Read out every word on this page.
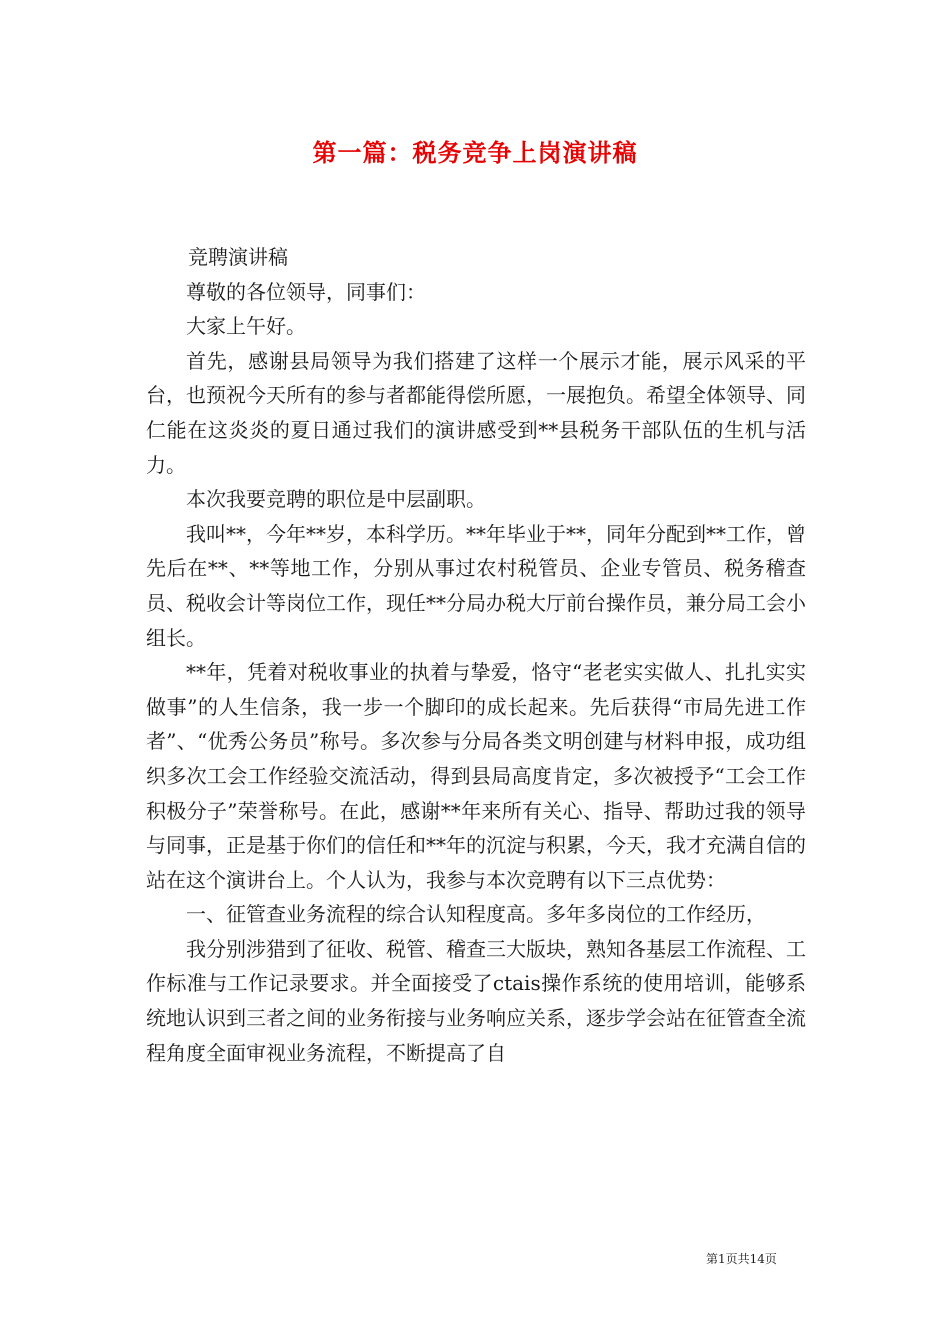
第一篇：税务竞争上岗演讲稿

竞聘演讲稿

尊敬的各位领导，同事们：

大家上午好。

首先，感谢县局领导为我们搭建了这样一个展示才能，展示风采的平台，也预祝今天所有的参与者都能得偿所愿，一展抱负。希望全体领导、同仁能在这炎炎的夏日通过我们的演讲感受到**县税务干部队伍的生机与活力。

本次我要竞聘的职位是中层副职。

我叫**，今年**岁，本科学历。**年毕业于**，同年分配到**工作，曾先后在**、**等地工作，分别从事过农村税管员、企业专管员、税务稽查员、税收会计等岗位工作，现任**分局办税大厅前台操作员，兼分局工会小组长。

**年，凭着对税收事业的执着与挚爱，恪守“老老实实做人、扎扎实实做事”的人生信条，我一步一个脚印的成长起来。先后获得“市局先进工作者”、“优秀公务员”称号。多次参与分局各类文明创建与材料申报，成功组织多次工会工作经验交流活动，得到县局高度肯定，多次被授予“工会工作积极分子”荣誉称号。在此，感谢**年来所有关心、指导、帮助过我的领导与同事，正是基于你们的信任和**年的沉淀与积累，今天，我才充满自信的站在这个演讲台上。个人认为，我参与本次竞聘有以下三点优势：

一、征管查业务流程的综合认知程度高。多年多岗位的工作经历，

我分别涉猎到了征收、税管、稽查三大版块，熟知各基层工作流程、工作标准与工作记录要求。并全面接受了ctais操作系统的使用培训，能够系统地认识到三者之间的业务衔接与业务响应关系，逐步学会站在征管查全流程角度全面审视业务流程，不断提高了自

第1页共14页
